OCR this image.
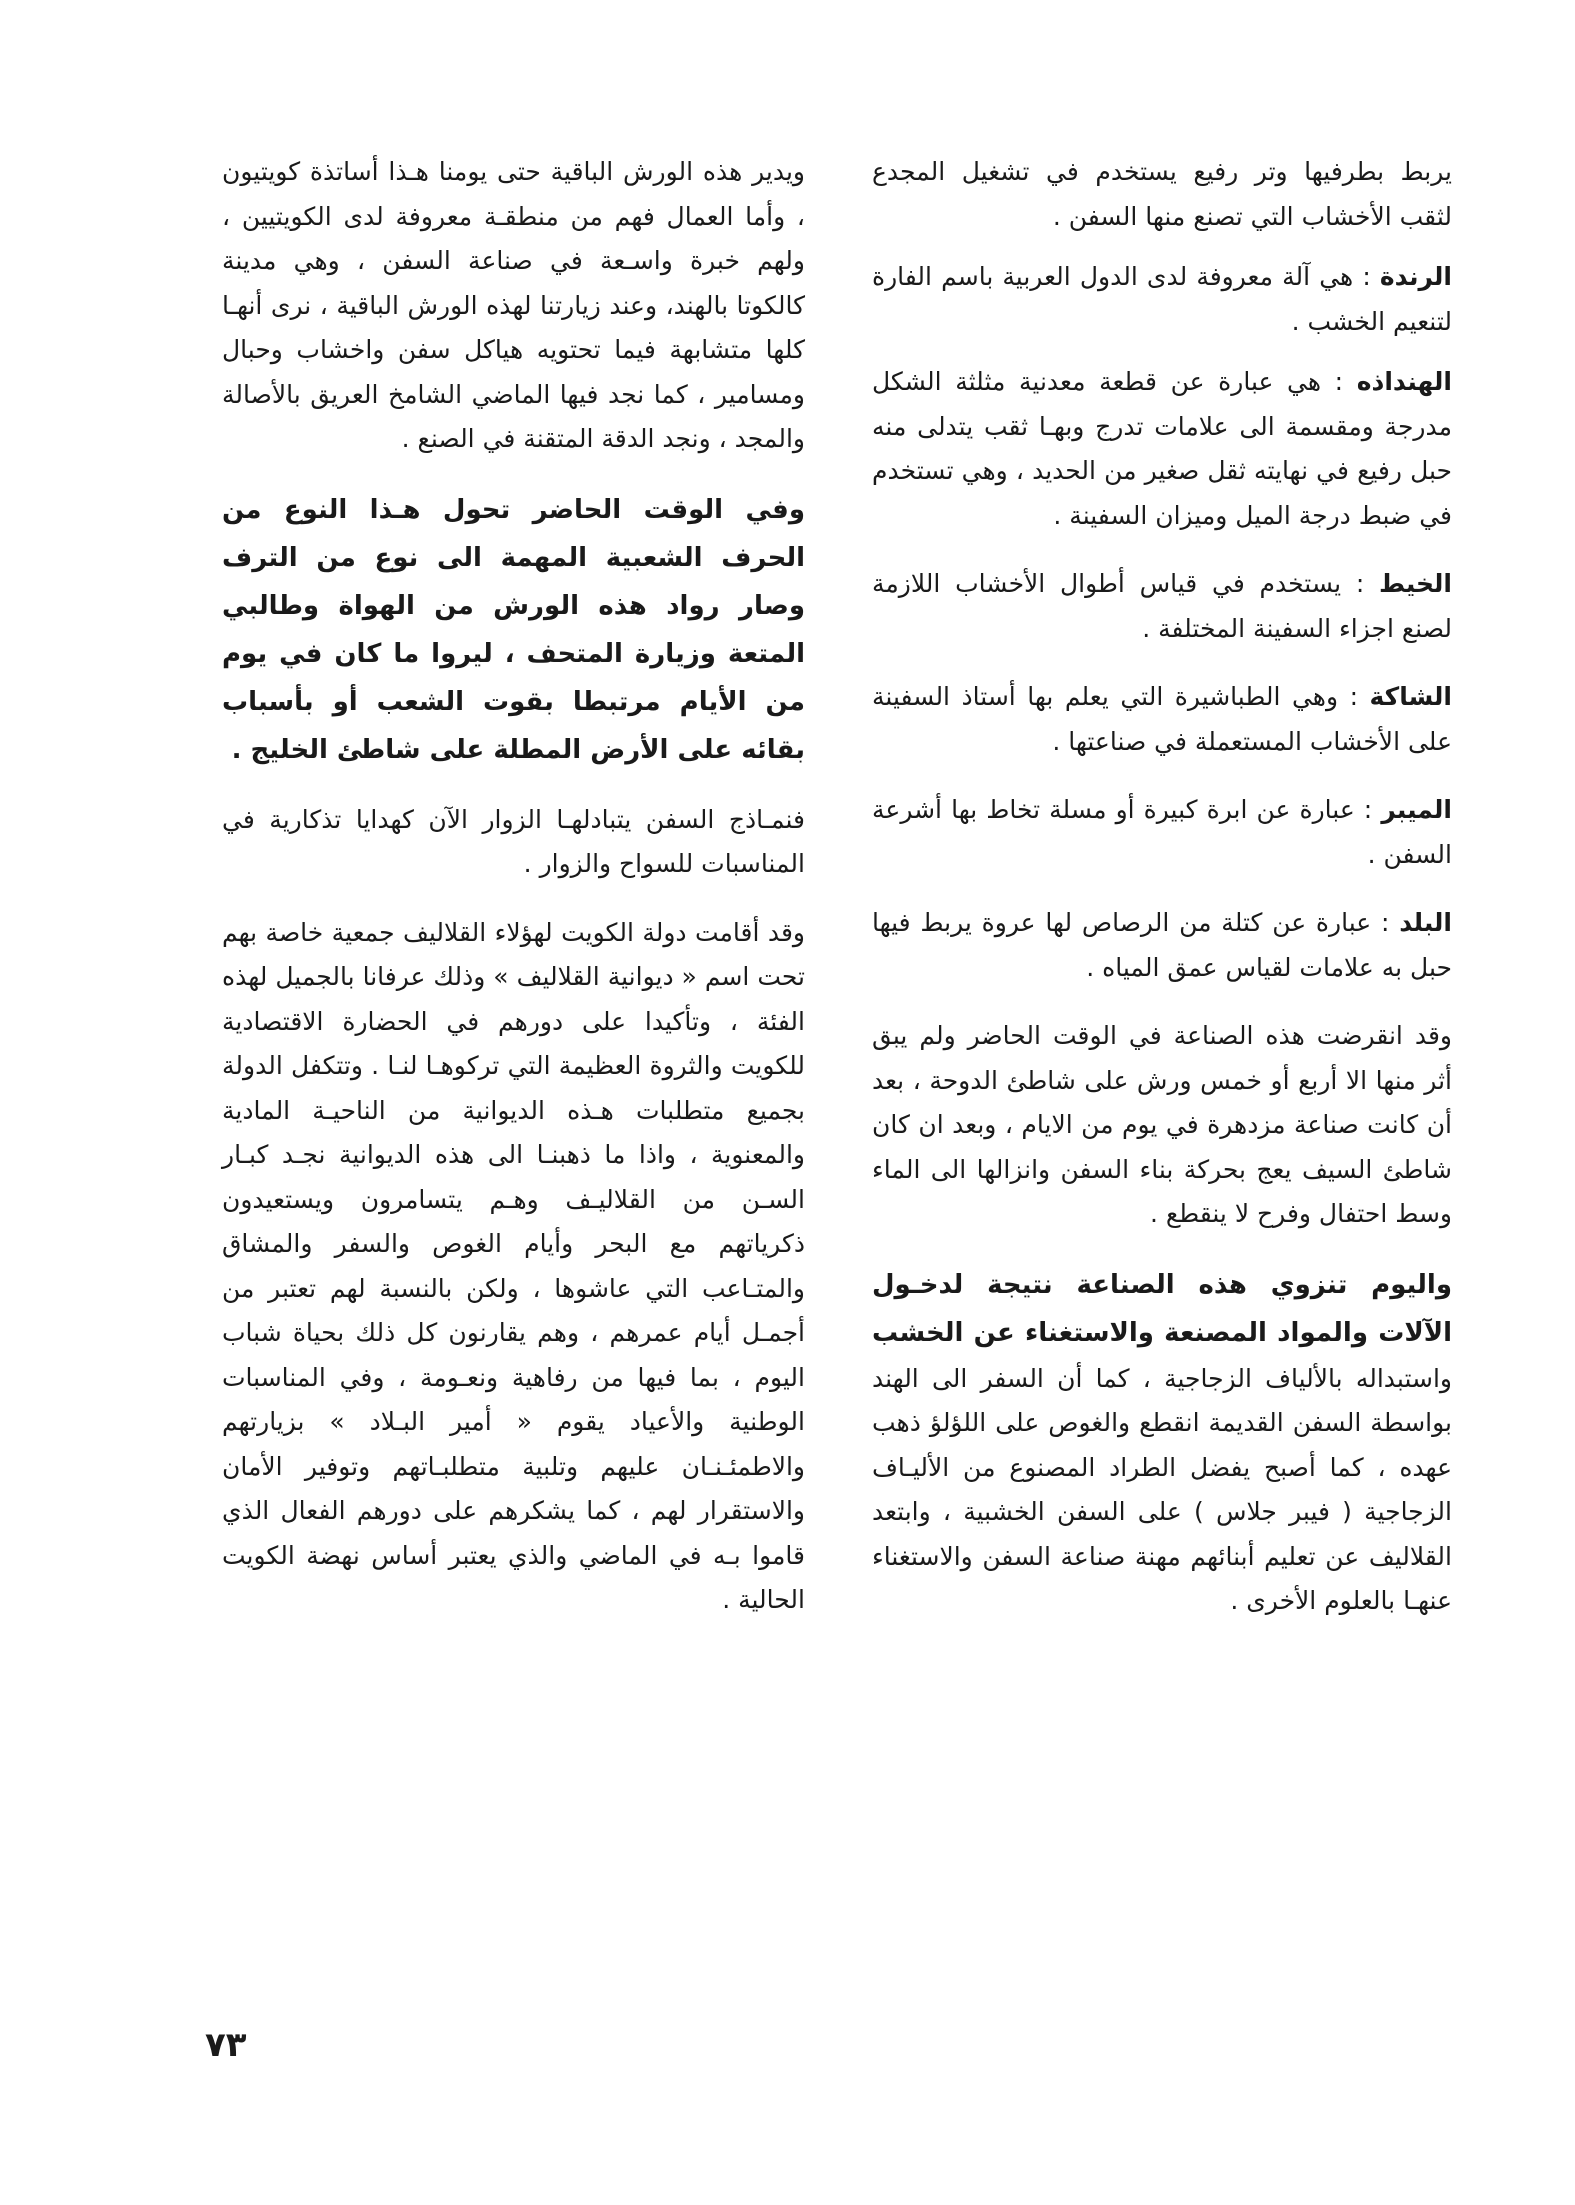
يربط بطرفيها وتر رفيع يستخدم في تشغيل المجدع لثقب الأخشاب التي تصنع منها السفن .

الرندة : هي آلة معروفة لدى الدول العربية باسم الفارة لتنعيم الخشب .

الهنداذه : هي عبارة عن قطعة معدنية مثلثة الشكل مدرجة ومقسمة الى علامات تدرج وبهـا ثقب يتدلى منه حبل رفيع في نهايته ثقل صغير من الحديد ، وهي تستخدم في ضبط درجة الميل وميزان السفينة .

الخيط : يستخدم في قياس أطوال الأخشاب اللازمة لصنع اجزاء السفينة المختلفة .

الشاكة : وهي الطباشيرة التي يعلم بها أستاذ السفينة على الأخشاب المستعملة في صناعتها .

الميبر : عبارة عن ابرة كبيرة أو مسلة تخاط بها أشرعة السفن .

البلد : عبارة عن كتلة من الرصاص لها عروة يربط فيها حبل به علامات لقياس عمق المياه .

وقد انقرضت هذه الصناعة في الوقت الحاضر ولم يبق أثر منها الا أربع أو خمس ورش على شاطئ الدوحة ، بعد أن كانت صناعة مزدهرة في يوم من الايام ، وبعد ان كان شاطئ السيف يعج بحركة بناء السفن وانزالها الى الماء وسط احتفال وفرح لا ينقطع .

واليوم تنزوي هذه الصناعة نتيجة لدخـول الآلات والمواد المصنعة والاستغناء عن الخشب واستبداله بالألياف الزجاجية ، كما أن السفر الى الهند بواسطة السفن القديمة انقطع والغوص على اللؤلؤ ذهب عهده ، كما أصبح يفضل الطراد المصنوع من الأليـاف الزجاجية ( فيبر جلاس ) على السفن الخشبية ، وابتعد القلاليف عن تعليم أبنائهم مهنة صناعة السفن والاستغناء عنهـا بالعلوم الأخرى .

ويدير هذه الورش الباقية حتى يومنا هـذا أساتذة كويتيون ، وأما العمال فهم من منطقـة معروفة لدى الكويتيين ، ولهم خبرة واسـعة في صناعة السفن ، وهي مدينة كالكوتا بالهند، وعند زيارتنا لهذه الورش الباقية ، نرى أنهـا كلها متشابهة فيما تحتويه هياكل سفن واخشاب وحبال ومسامير ، كما نجد فيها الماضي الشامخ العريق بالأصالة والمجد ، ونجد الدقة المتقنة في الصنع .

وفي الوقت الحاضر تحول هـذا النوع من الحرف الشعبية المهمة الى نوع من الترف وصار رواد هذه الورش من الهواة وطالبي المتعة وزيارة المتحف ، ليروا ما كان في يوم من الأيام مرتبطا بقوت الشعب أو بأسباب بقائه على الأرض المطلة على شاطئ الخليج .

فنمـاذج السفن يتبادلهـا الزوار الآن كهدايا تذكارية في المناسبات للسواح والزوار .

وقد أقامت دولة الكويت لهؤلاء القلاليف جمعية خاصة بهم تحت اسم « ديوانية القلاليف » وذلك عرفانا بالجميل لهذه الفئة ، وتأكيدا على دورهم في الحضارة الاقتصادية للكويت والثروة العظيمة التي تركوهـا لنـا . وتتكفل الدولة بجميع متطلبات هـذه الديوانية من الناحيـة المادية والمعنوية ، واذا ما ذهبنـا الى هذه الديوانية نجـد كبـار السـن من القلاليـف وهـم يتسامرون ويستعيدون ذكرياتهم مع البحر وأيام الغوص والسفر والمشاق والمتـاعب التي عاشوها ، ولكن بالنسبة لهم تعتبر من أجمـل أيام عمرهم ، وهم يقارنون كل ذلك بحياة شباب اليوم ، بما فيها من رفاهية ونعـومة ، وفي المناسبات الوطنية والأعياد يقوم « أمير البـلاد » بزيارتهم والاطمئـنـان عليهم وتلبية متطلبـاتهم وتوفير الأمان والاستقرار لهم ، كما يشكرهم على دورهم الفعال الذي قاموا بـه في الماضي والذي يعتبر أساس نهضة الكويت الحالية .

٧٣
